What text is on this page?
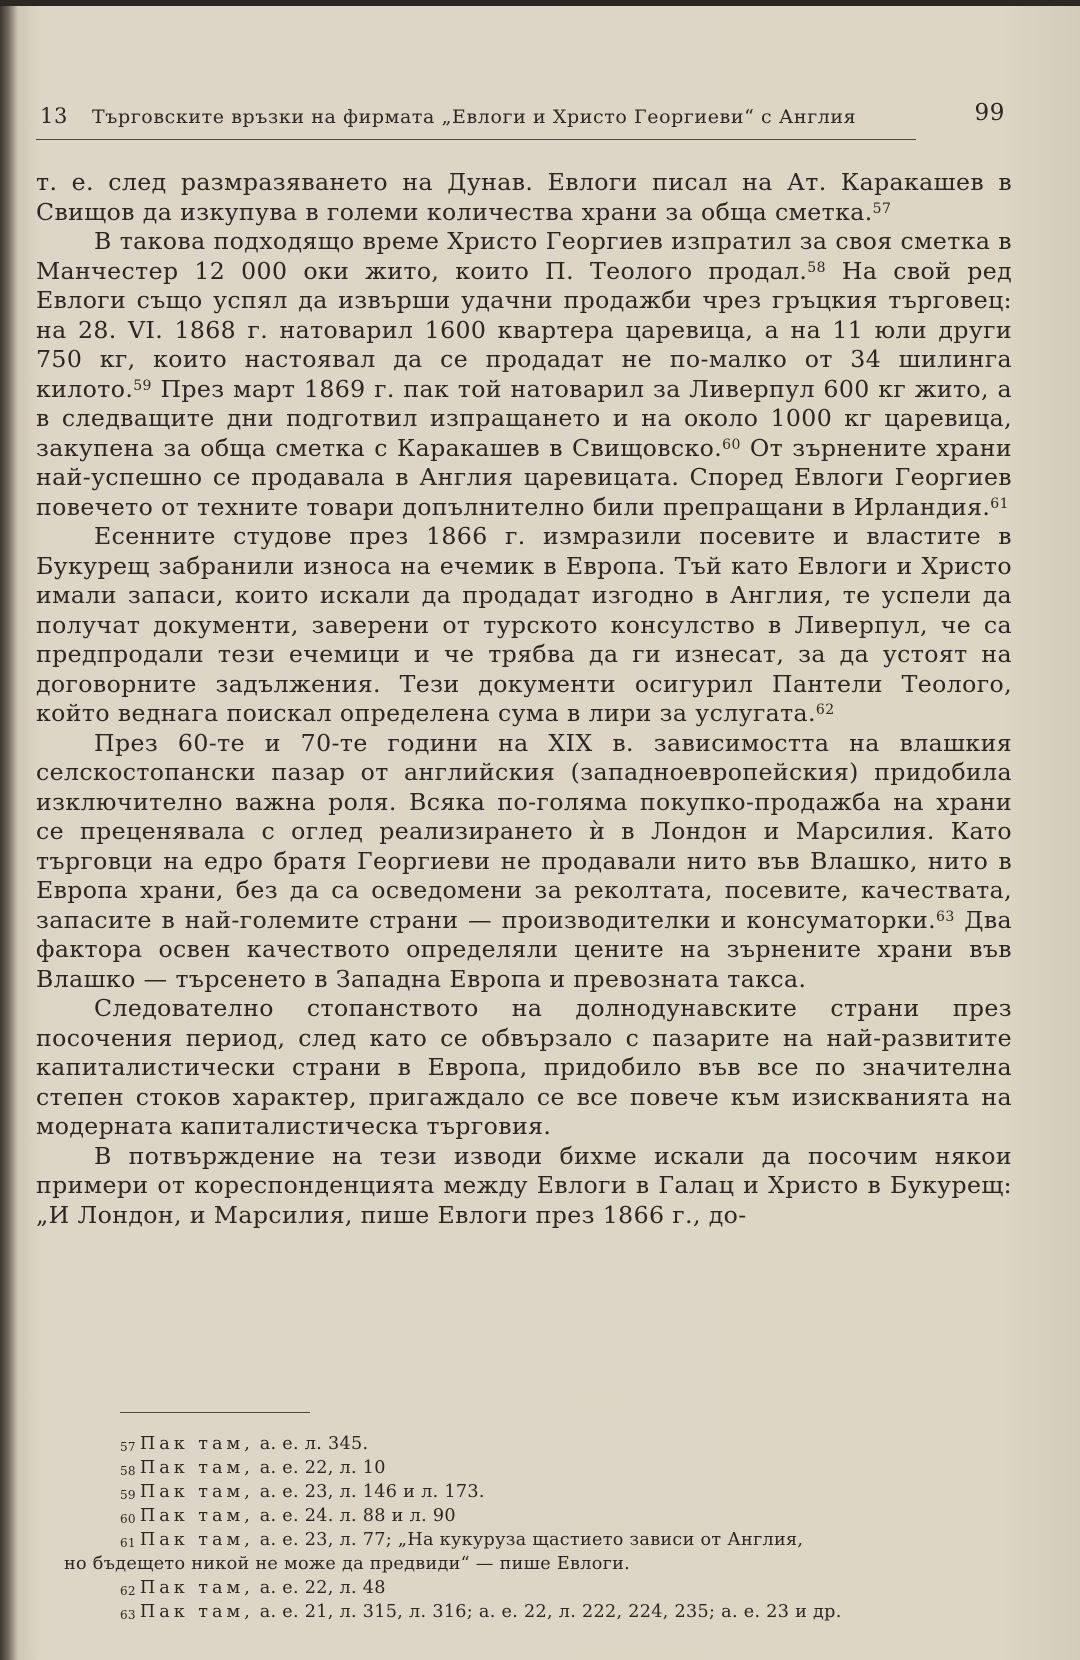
13 Търговските връзки на фирмата „Евлоги и Христо Георгиеви“ с Англия	99

т. е. след размразяването на Дунав. Евлоги писал на Ат. Каракашев в Свищов да изкупува в големи количества храни за обща сметка.$^{57}$

В такова подходящо време Христо Георгиев изпратил за своя сметка в Манчестер 12 000 оки жито, които П. Теолого продал.$^{58}$ На свой ред Евлоги също успял да извърши удачни продажби чрез гръцкия търговец: на 28. VI. 1868 г. натоварил 1600 квартера царевица, а на 11 юли други 750 кг, които настоявал да се продадат не по-малко от 34 шилинга килото.$^{59}$ През март 1869 г. пак той натоварил за Ливерпул 600 кг жито, а в следващите дни подготвил изпращането и на около 1000 кг царевица, закупена за обща сметка с Каракашев в Свищовско.$^{60}$ От зърнените храни най-успешно се продавала в Англия царевицата. Според Евлоги Георгиев повечето от техните товари допълнително били препращани в Ирландия.$^{61}$

Есенните студове през 1866 г. измразили посевите и властите в Букурещ забранили износа на ечемик в Европа. Тъй като Евлоги и Христо имали запаси, които искали да продадат изгодно в Англия, те успели да получат документи, заверени от турското консулство в Ливерпул, че са предпродали тези ечемици и че трябва да ги изнесат, за да устоят на договорните задължения. Тези документи осигурил Пантели Теолого, който веднага поискал определена сума в лири за услугата.$^{62}$

През 60-те и 70-те години на XIX в. зависимостта на влашкия селскостопански пазар от английския (западноевропейския) придобила изключително важна роля. Всяка по-голяма покупко-продажба на храни се преценявала с оглед реализирането ѝ в Лондон и Марсилия. Като търговци на едро братя Георгиеви не продавали нито във Влашко, нито в Европа храни, без да са осведомени за реколтата, посевите, качествата, запасите в най-големите страни — производителки и консуматорки.$^{63}$ Два фактора освен качеството определяли цените на зърнените храни във Влашко — търсенето в Западна Европа и превозната такса.

Следователно стопанството на долнодунавските страни през посочения период, след като се обвързало с пазарите на най-развитите капиталистически страни в Европа, придобило във все по значителна степен стоков характер, пригаждало се все повече към изискванията на модерната капиталистическа търговия.

В потвърждение на тези изводи бихме искали да посочим някои примери от кореспонденцията между Евлоги в Галац и Христо в Букурещ: „И Лондон, и Марсилия, пише Евлоги през 1866 г., до-

$^{57}$ Пак там, а. е. л. 345.
$^{58}$ Пак там, а. е. 22, л. 10
$^{59}$ Пак там, а. е. 23, л. 146 и л. 173.
$^{60}$ Пак там, а. е. 24. л. 88 и л. 90
$^{61}$ Пак там, а. е. 23, л. 77; „На кукуруза щастието зависи от Англия,
но бъдещето никой не може да предвиди“ — пише Евлоги.
$^{62}$ Пак там, а. е. 22, л. 48
$^{63}$ Пак там, а. е. 21, л. 315, л. 316; а. е. 22, л. 222, 224, 235; а. е. 23 и др.
